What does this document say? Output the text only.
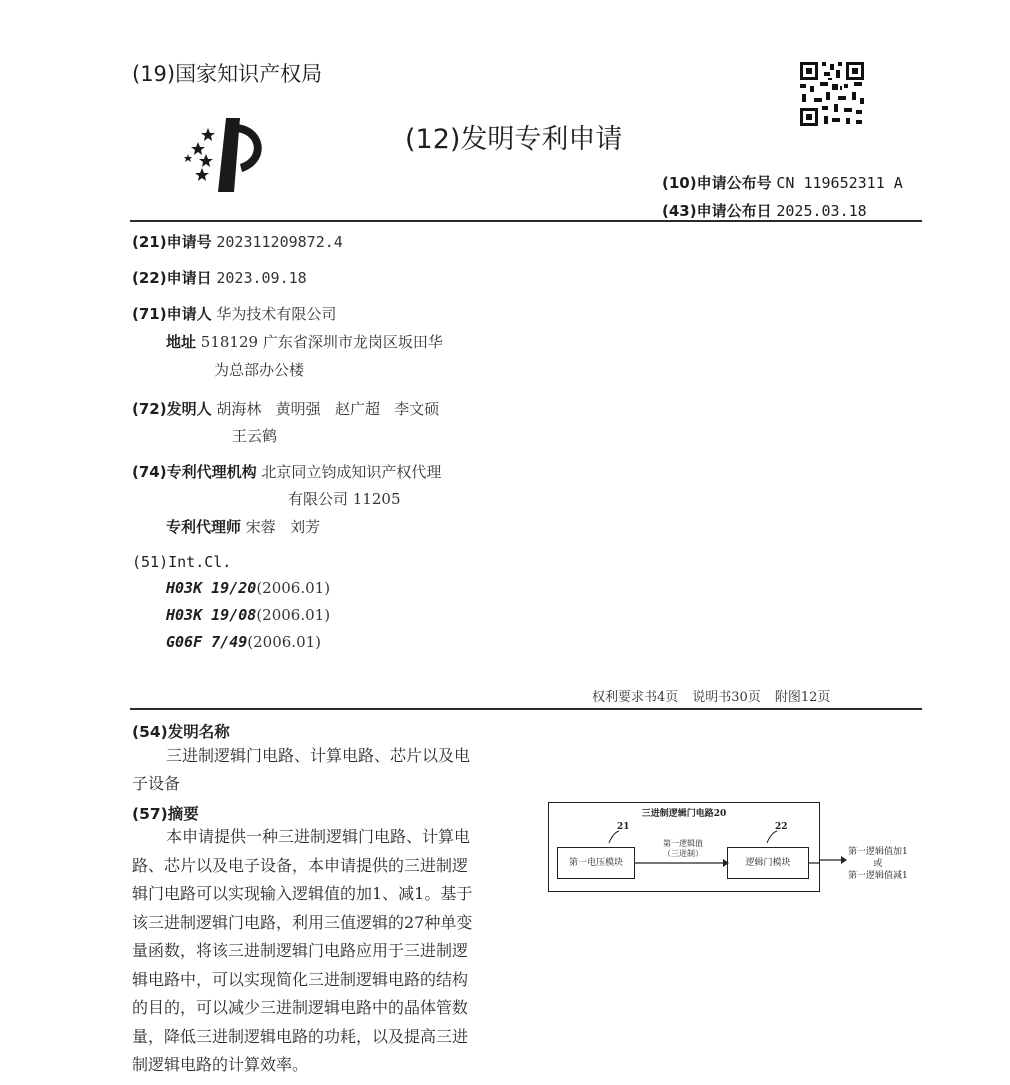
(19)国家知识产权局
(12)发明专利申请
(10)申请公布号 CN 119652311 A
(43)申请公布日 2025.03.18
(21)申请号 202311209872.4
(22)申请日 2023.09.18
(71)申请人 华为技术有限公司
地址 518129 广东省深圳市龙岗区坂田华
为总部办公楼
(72)发明人 胡海林   黄明强   赵广超   李文硕
王云鹤
(74)专利代理机构 北京同立钧成知识产权代理
有限公司 11205
专利代理师 宋蓉   刘芳
(51)Int.Cl.
H03K 19/20(2006.01)
H03K 19/08(2006.01)
G06F 7/49(2006.01)
权利要求书4页 说明书30页 附图12页
(54)发明名称
三进制逻辑门电路、计算电路、芯片以及电
子设备
(57)摘要
本申请提供一种三进制逻辑门电路、计算电
路、芯片以及电子设备，本申请提供的三进制逻
辑门电路可以实现输入逻辑值的加1、减1。基于
该三进制逻辑门电路，利用三值逻辑的27种单变
量函数，将该三进制逻辑门电路应用于三进制逻
辑电路中，可以实现简化三进制逻辑电路的结构
的目的，可以减少三进制逻辑电路中的晶体管数
量，降低三进制逻辑电路的功耗，以及提高三进
制逻辑电路的计算效率。
三进制逻辑门电路20
21	22
第一电压模块	逻辑门模块
第一逻辑值
（三进制）	第一逻辑值加1
或
第一逻辑值减1
